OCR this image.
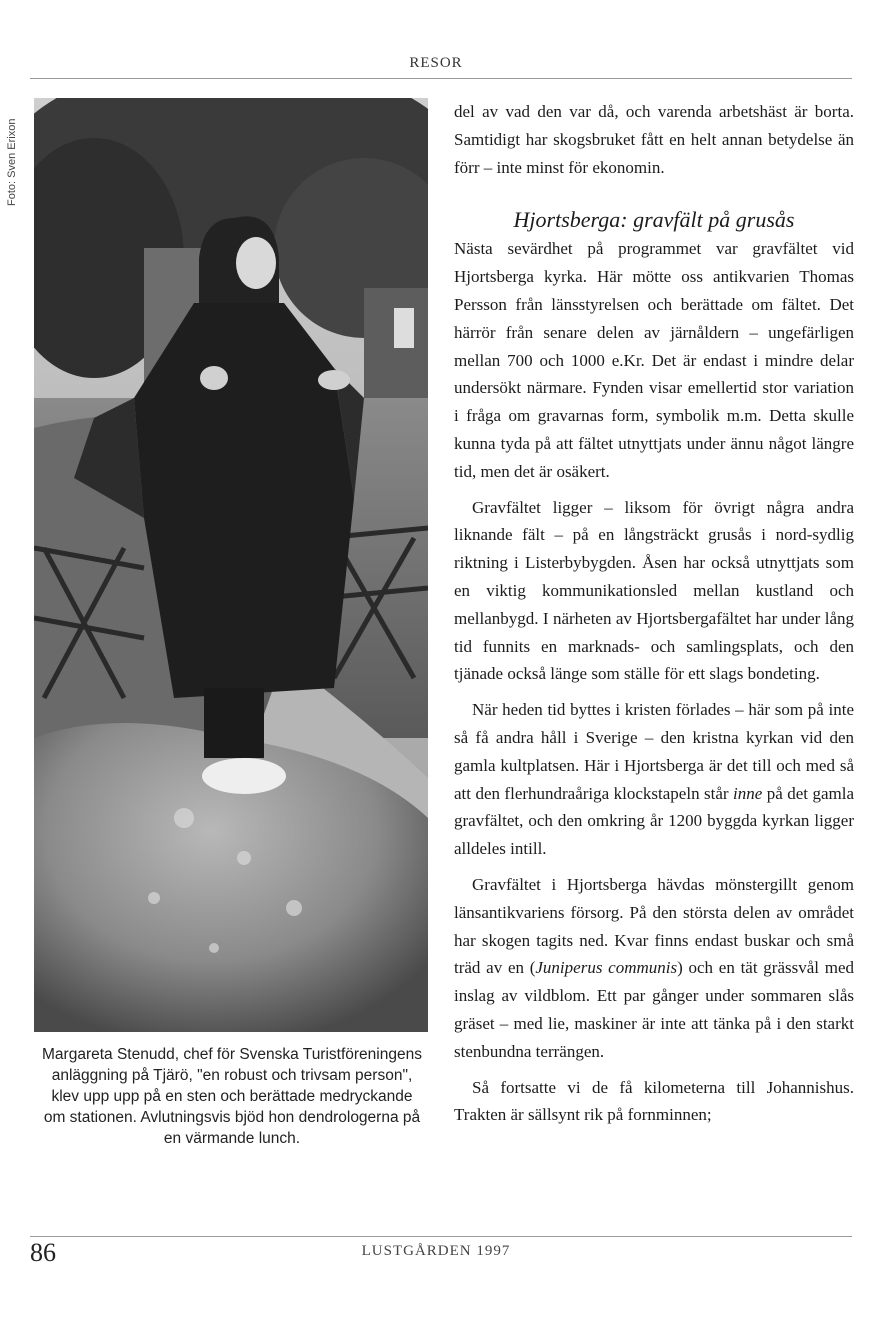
RESOR
Foto: Sven Erixon
Margareta Stenudd, chef för Svenska Turistföreningens anläggning på Tjärö, "en robust och trivsam person", klev upp upp på en sten och berättade medryckande om stationen. Avlutningsvis bjöd hon dendrologerna på en värmande lunch.

del av vad den var då, och varenda arbetshäst är borta. Samtidigt har skogsbruket fått en helt annan betydelse än förr – inte minst för ekonomin.

Hjortsberga: gravfält på grusås

Nästa sevärdhet på programmet var gravfältet vid Hjortsberga kyrka. Här mötte oss antikvarien Thomas Persson från länsstyrelsen och berättade om fältet. Det härrör från senare delen av järnåldern – ungefärligen mellan 700 och 1000 e.Kr. Det är endast i mindre delar undersökt närmare. Fynden visar emellertid stor variation i fråga om gravarnas form, symbolik m.m. Detta skulle kunna tyda på att fältet utnyttjats under ännu något längre tid, men det är osäkert.

Gravfältet ligger – liksom för övrigt några andra liknande fält – på en långsträckt grusås i nord-sydlig riktning i Listerbybygden. Åsen har också utnyttjats som en viktig kommunikationsled mellan kustland och mellanbygd. I närheten av Hjortsbergafältet har under lång tid funnits en marknads- och samlingsplats, och den tjänade också länge som ställe för ett slags bondeting.

När heden tid byttes i kristen förlades – här som på inte så få andra håll i Sverige – den kristna kyrkan vid den gamla kultplatsen. Här i Hjortsberga är det till och med så att den flerhundraåriga klockstapeln står inne på det gamla gravfältet, och den omkring år 1200 byggda kyrkan ligger alldeles intill.

Gravfältet i Hjortsberga hävdas mönstergillt genom länsantikvariens försorg. På den största delen av området har skogen tagits ned. Kvar finns endast buskar och små träd av en (Juniperus communis) och en tät grässvål med inslag av vildblom. Ett par gånger under sommaren slås gräset – med lie, maskiner är inte att tänka på i den starkt stenbundna terrängen.

Så fortsatte vi de få kilometerna till Johannishus. Trakten är sällsynt rik på fornminnen;

86	LUSTGÅRDEN 1997
